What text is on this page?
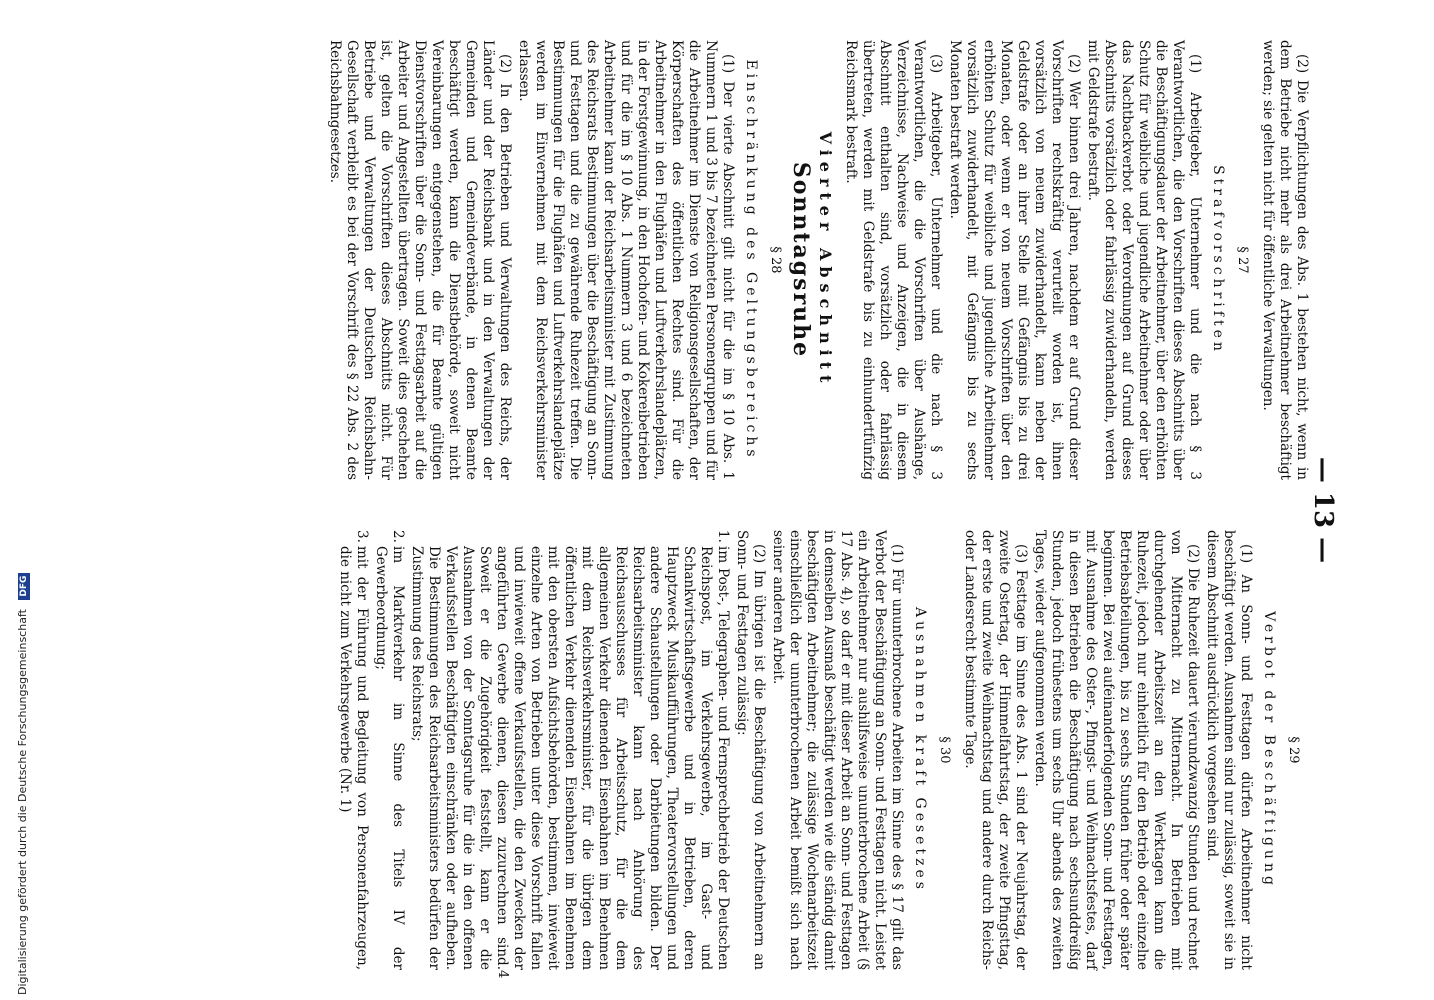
— 13 —

(2) Die Verpflichtungen des Abs. 1 bestehen nicht, wenn in dem Betriebe nicht mehr als drei Arbeitnehmer beschäftigt werden; sie gelten nicht für öffentliche Verwaltungen.

§ 27

Strafvorschriften

(1) Arbeitgeber, Unternehmer und die nach § 3 Verantwortlichen, die den Vorschriften dieses Abschnitts über die Beschäftigungsdauer der Arbeitnehmer, über den erhöhten Schutz für weibliche und jugendliche Arbeitnehmer oder über das Nachtbackverbot oder Verordnungen auf Grund dieses Abschnitts vorsätzlich oder fahrlässig zuwiderhandeln, werden mit Geldstrafe bestraft.

(2) Wer binnen drei Jahren, nachdem er auf Grund dieser Vorschriften rechtskräftig verurteilt worden ist, ihnen vorsätzlich von neuem zuwiderhandelt, kann neben der Geldstrafe oder an ihrer Stelle mit Gefängnis bis zu drei Monaten, oder wenn er von neuem Vorschriften über den erhöhten Schutz für weibliche und jugendliche Arbeitnehmer vorsätzlich zuwiderhandelt, mit Gefängnis bis zu sechs Monaten bestraft werden.

(3) Arbeitgeber, Unternehmer und die nach § 3 Verantwortlichen, die die Vorschriften über Aushänge, Verzeichnisse, Nachweise und Anzeigen, die in diesem Abschnitt enthalten sind, vorsätzlich oder fahrlässig übertreten, werden mit Geldstrafe bis zu einhundertfünfzig Reichsmark bestraft.

Vierter Abschnitt

Sonntagsruhe

§ 28

Einschränkung des Geltungsbereichs

(1) Der vierte Abschnitt gilt nicht für die im § 10 Abs. 1 Nummern 1 und 3 bis 7 bezeichneten Personengruppen und für die Arbeitnehmer im Dienste von Religionsgesellschaften, der Körperschaften des öffentlichen Rechtes sind. Für die Arbeitnehmer in den Flughäfen und Luftverkehrslandeplätzen, in der Forstgewinnung, in den Hochofen- und Kokereibetrieben und für die im § 10 Abs. 1 Nummern 3 und 6 bezeichneten Arbeitnehmer kann der Reichsarbeitsminister mit Zustimmung des Reichsrats Bestimmungen über die Beschäftigung an Sonn- und Festtagen und die zu gewährende Ruhezeit treffen. Die Bestimmungen für die Flughäfen und Luftverkehrslandeplätze werden im Einvernehmen mit dem Reichsverkehrsminister erlassen.

(2) In den Betrieben und Verwaltungen des Reichs, der Länder und der Reichsbank und in den Verwaltungen der Gemeinden und Gemeindeverbände, in denen Beamte beschäftigt werden, kann die Dienstbehörde, soweit nicht Vereinbarungen entgegenstehen, die für Beamte gültigen Dienstvorschriften über die Sonn- und Festtagsarbeit auf die Arbeiter und Angestellten übertragen. Soweit dies geschehen ist, gelten die Vorschriften dieses Abschnitts nicht. Für Betriebe und Verwaltungen der Deutschen Reichsbahn-Gesellschaft verbleibt es bei der Vorschrift des § 22 Abs. 2 des Reichsbahngesetzes.

§ 29

Verbot der Beschäftigung

(1) An Sonn- und Festtagen dürfen Arbeitnehmer nicht beschäftigt werden. Ausnahmen sind nur zulässig, soweit sie in diesem Abschnitt ausdrücklich vorgesehen sind.

(2) Die Ruhezeit dauert vierundzwanzig Stunden und rechnet von Mitternacht zu Mitternacht. In Betrieben mit durchgehender Arbeitszeit an den Werktagen kann die Ruhezeit, jedoch nur einheitlich für den Betrieb oder einzelne Betriebsabteilungen, bis zu sechs Stunden früher oder später beginnen. Bei zwei aufeinanderfolgenden Sonn- und Festtagen, mit Ausnahme des Oster-, Pfingst- und Weihnachtsfestes, darf in diesen Betrieben die Beschäftigung nach sechsunddreißig Stunden, jedoch frühestens um sechs Uhr abends des zweiten Tages, wieder aufgenommen werden.

(3) Festtage im Sinne des Abs. 1 sind der Neujahrstag, der zweite Ostertag, der Himmelfahrtstag, der zweite Pfingsttag, der erste und zweite Weihnachtstag und andere durch Reichs- oder Landesrecht bestimmte Tage.

§ 30

Ausnahmen kraft Gesetzes

(1) Für ununterbrochene Arbeiten im Sinne des § 17 gilt das Verbot der Beschäftigung an Sonn- und Festtagen nicht. Leistet ein Arbeitnehmer nur aushilfsweise ununterbrochene Arbeit (§ 17 Abs. 4), so darf er mit dieser Arbeit an Sonn- und Festtagen in demselben Ausmaß beschäftigt werden wie die ständig damit beschäftigten Arbeitnehmer; die zulässige Wochenarbeitszeit einschließlich der ununterbrochenen Arbeit bemißt sich nach seiner anderen Arbeit.

(2) Im übrigen ist die Beschäftigung von Arbeitnehmern an Sonn- und Festtagen zulässig:

1.
im Post-, Telegraphen- und Fernsprechbetrieb der Deutschen Reichspost, im Verkehrsgewerbe, im Gast- und Schankwirtschaftsgewerbe und in Betrieben, deren Hauptzweck Musikaufführungen, Theatervorstellungen und andere Schaustellungen oder Darbietungen bilden. Der Reichsarbeitsminister kann nach Anhörung des Reichsausschusses für Arbeitsschutz, für die dem allgemeinen Verkehr dienenden Eisenbahnen im Benehmen mit dem Reichsverkehrsminister, für die übrigen dem öffentlichen Verkehr dienenden Eisenbahnen im Benehmen mit den obersten Aufsichtsbehörden, bestimmen, inwieweit einzelne Arten von Betrieben unter diese Vorschrift fallen und inwieweit offene Verkaufsstellen, die den Zwecken der angeführten Gewerbe dienen, diesen zuzurechnen sind. Soweit er die Zugehörigkeit feststellt, kann er die Ausnahmen von der Sonntagsruhe für die in den offenen Verkaufsstellen Beschäftigten einschränken oder aufheben. Die Bestimmungen des Reichsarbeitsministers bedürfen der Zustimmung des Reichsrats;

2.
im Marktverkehr im Sinne des Titels IV der Gewerbeordnung;

3.
mit der Führung und Begleitung von Personenfahrzeugen, die nicht zum Verkehrsgewerbe (Nr. 1)

4
Digitalisierung gefördert durch die Deutsche Forschungsgemeinschaft DFG
